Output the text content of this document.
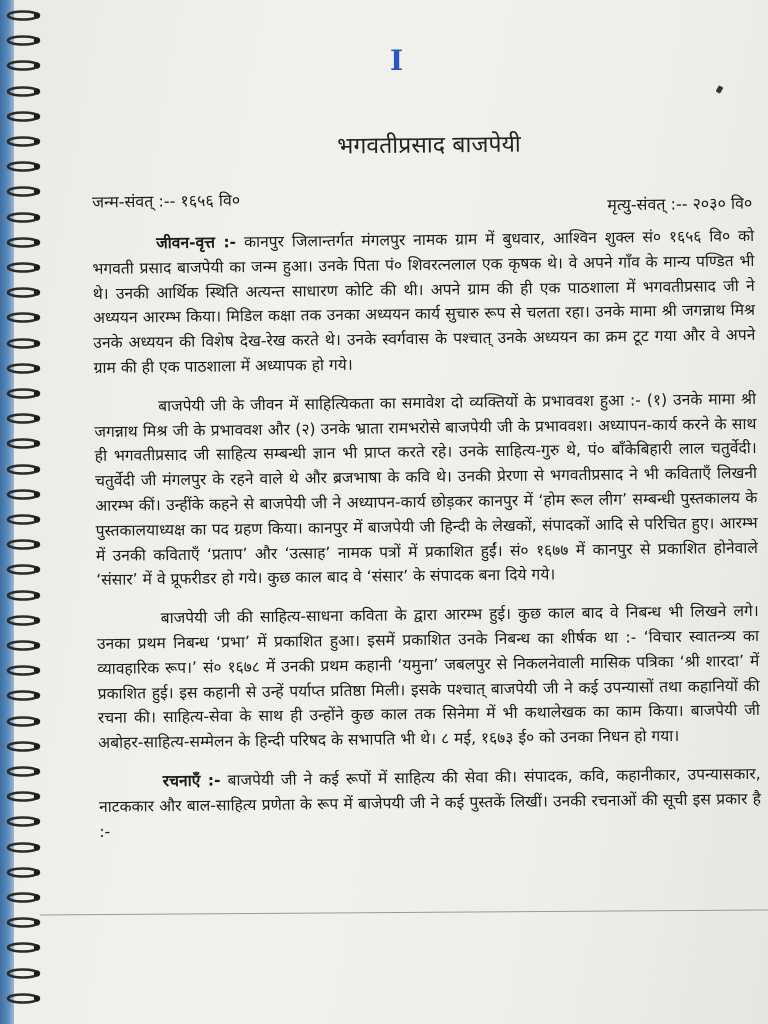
I
भगवतीप्रसाद बाजपेयी
जन्म-संवत् :-- १६५६ वि०	मृत्यु-संवत् :-- २०३० वि०

जीवन-वृत्त :- कानपुर जिलान्तर्गत मंगलपुर नामक ग्राम में बुधवार, आश्विन शुक्ल सं० १६५६ वि० को भगवती प्रसाद बाजपेयी का जन्म हुआ। उनके पिता पं० शिवरत्नलाल एक कृषक थे। वे अपने गाँव के मान्य पण्डित भी थे। उनकी आर्थिक स्थिति अत्यन्त साधारण कोटि की थी। अपने ग्राम की ही एक पाठशाला में भगवतीप्रसाद जी ने अध्ययन आरम्भ किया। मिडिल कक्षा तक उनका अध्ययन कार्य सुचारु रूप से चलता रहा। उनके मामा श्री जगन्नाथ मिश्र उनके अध्ययन की विशेष देख-रेख करते थे। उनके स्वर्गवास के पश्चात् उनके अध्ययन का क्रम टूट गया और वे अपने ग्राम की ही एक पाठशाला में अध्यापक हो गये।

बाजपेयी जी के जीवन में साहित्यिकता का समावेश दो व्यक्तियों के प्रभाववश हुआ :- (१) उनके मामा श्री जगन्नाथ मिश्र जी के प्रभाववश और (२) उनके भ्राता रामभरोसे बाजपेयी जी के प्रभाववश। अध्यापन-कार्य करने के साथ ही भगवतीप्रसाद जी साहित्य सम्बन्धी ज्ञान भी प्राप्त करते रहे। उनके साहित्य-गुरु थे, पं० बाँकेबिहारी लाल चतुर्वेदी। चतुर्वेदी जी मंगलपुर के रहने वाले थे और ब्रजभाषा के कवि थे। उनकी प्रेरणा से भगवतीप्रसाद ने भी कविताएँ लिखनी आरम्भ कीं। उन्हींके कहने से बाजपेयी जी ने अध्यापन-कार्य छोड़कर कानपुर में ‘होम रूल लीग’ सम्बन्धी पुस्तकालय के पुस्तकालयाध्यक्ष का पद ग्रहण किया। कानपुर में बाजपेयी जी हिन्दी के लेखकों, संपादकों आदि से परिचित हुए। आरम्भ में उनकी कविताएँ ‘प्रताप’ और ‘उत्साह’ नामक पत्रों में प्रकाशित हुईं। सं० १६७७ में कानपुर से प्रकाशित होनेवाले ‘संसार’ में वे प्रूफरीडर हो गये। कुछ काल बाद वे ‘संसार’ के संपादक बना दिये गये।

बाजपेयी जी की साहित्य-साधना कविता के द्वारा आरम्भ हुई। कुछ काल बाद वे निबन्ध भी लिखने लगे। उनका प्रथम निबन्ध ‘प्रभा’ में प्रकाशित हुआ। इसमें प्रकाशित उनके निबन्ध का शीर्षक था :- ‘विचार स्वातन्त्र्य का व्यावहारिक रूप।’ सं० १६७८ में उनकी प्रथम कहानी ‘यमुना’ जबलपुर से निकलनेवाली मासिक पत्रिका ‘श्री शारदा’ में प्रकाशित हुई। इस कहानी से उन्हें पर्याप्त प्रतिष्ठा मिली। इसके पश्चात् बाजपेयी जी ने कई उपन्यासों तथा कहानियों की रचना की। साहित्य-सेवा के साथ ही उन्होंने कुछ काल तक सिनेमा में भी कथालेखक का काम किया। बाजपेयी जी अबोहर-साहित्य-सम्मेलन के हिन्दी परिषद के सभापति भी थे। ८ मई, १६७३ ई० को उनका निधन हो गया।

रचनाएँ :- बाजपेयी जी ने कई रूपों में साहित्य की सेवा की। संपादक, कवि, कहानीकार, उपन्यासकार, नाटककार और बाल-साहित्य प्रणेता के रूप में बाजेपयी जी ने कई पुस्तकें लिखीं। उनकी रचनाओं की सूची इस प्रकार है :-
